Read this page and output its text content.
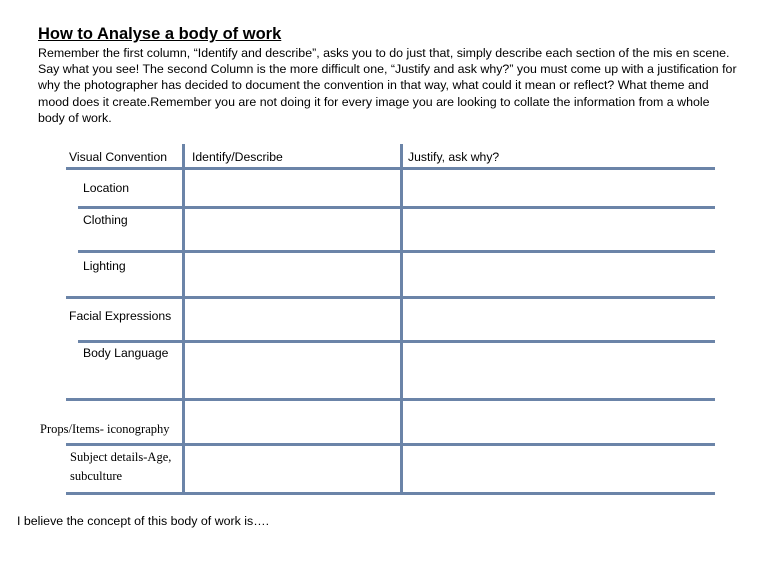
How to Analyse a body of work

Remember the first column, “Identify and describe”, asks you to do just that, simply describe each section of the mis en scene. Say what you see! The second Column is the more difficult one, “Justify and ask why?” you must come up with a justification for why the photographer has decided to document the convention in that way, what could it mean or reflect? What theme and mood does it create.Remember you are not doing it for every image you are looking to collate the information from a whole body of work.

Visual Convention Identify/Describe	Justify, ask why?

Location

Clothing

Lighting

Facial Expressions

Body Language

Props/Items- iconography

Subject details-Age, subculture

I believe the concept of this body of work is….
